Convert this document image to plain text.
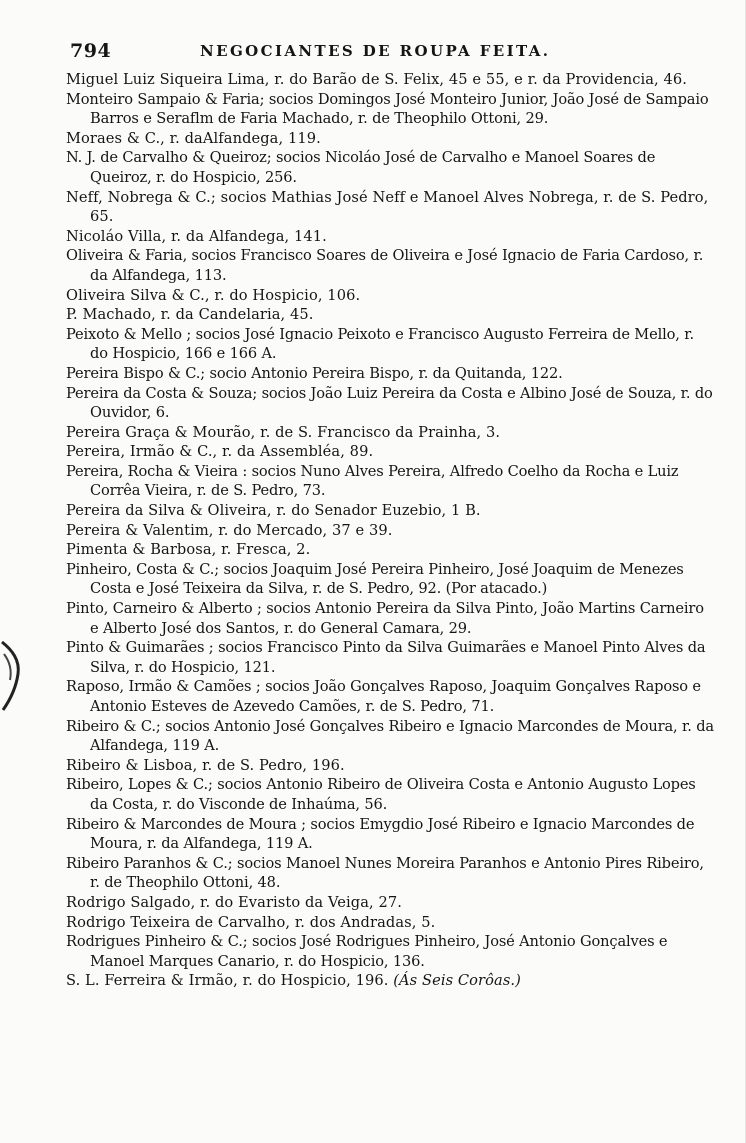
794	NEGOCIANTES DE ROUPA FEITA.

Miguel Luiz Siqueira Lima, r. do Barão de S. Felix, 45 e 55, e r. da Providencia, 46.

Monteiro Sampaio & Faria; socios Domingos José Monteiro Junior, João José de Sampaio Barros e Seraflm de Faria Machado, r. de Theophilo Ottoni, 29.

Moraes & C., r. daAlfandega, 119.

N. J. de Carvalho & Queiroz; socios Nicoláo José de Carvalho e Manoel Soares de Queiroz, r. do Hospicio, 256.

Neff, Nobrega & C.; socios Mathias José Neff e Manoel Alves Nobrega, r. de S. Pedro, 65.

Nicoláo Villa, r. da Alfandega, 141.

Oliveira & Faria, socios Francisco Soares de Oliveira e José Ignacio de Faria Cardoso, r. da Alfandega, 113.

Oliveira Silva & C., r. do Hospicio, 106.

P. Machado, r. da Candelaria, 45.

Peixoto & Mello ; socios José Ignacio Peixoto e Francisco Augusto Ferreira de Mello, r. do Hospicio, 166 e 166 A.

Pereira Bispo & C.; socio Antonio Pereira Bispo, r. da Quitanda, 122.

Pereira da Costa & Souza; socios João Luiz Pereira da Costa e Albino José de Souza, r. do Ouvidor, 6.

Pereira Graça & Mourão, r. de S. Francisco da Prainha, 3.

Pereira, Irmão & C., r. da Assembléa, 89.

Pereira, Rocha & Vieira : socios Nuno Alves Pereira, Alfredo Coelho da Rocha e Luiz Corrêa Vieira, r. de S. Pedro, 73.

Pereira da Silva & Oliveira, r. do Senador Euzebio, 1 B.

Pereira & Valentim, r. do Mercado, 37 e 39.

Pimenta & Barbosa, r. Fresca, 2.

Pinheiro, Costa & C.; socios Joaquim José Pereira Pinheiro, José Joaquim de Menezes Costa e José Teixeira da Silva, r. de S. Pedro, 92. (Por atacado.)

Pinto, Carneiro & Alberto ; socios Antonio Pereira da Silva Pinto, João Martins Carneiro e Alberto José dos Santos, r. do General Camara, 29.

Pinto & Guimarães ; socios Francisco Pinto da Silva Guimarães e Manoel Pinto Alves da Silva, r. do Hospicio, 121.

Raposo, Irmão & Camões ; socios João Gonçalves Raposo, Joaquim Gonçalves Raposo e Antonio Esteves de Azevedo Camões, r. de S. Pedro, 71.

Ribeiro & C.; socios Antonio José Gonçalves Ribeiro e Ignacio Marcondes de Moura, r. da Alfandega, 119 A.

Ribeiro & Lisboa, r. de S. Pedro, 196.

Ribeiro, Lopes & C.; socios Antonio Ribeiro de Oliveira Costa e Antonio Augusto Lopes da Costa, r. do Visconde de Inhaúma, 56.

Ribeiro & Marcondes de Moura ; socios Emygdio José Ribeiro e Ignacio Marcondes de Moura, r. da Alfandega, 119 A.

Ribeiro Paranhos & C.; socios Manoel Nunes Moreira Paranhos e Antonio Pires Ribeiro, r. de Theophilo Ottoni, 48.

Rodrigo Salgado, r. do Evaristo da Veiga, 27.

Rodrigo Teixeira de Carvalho, r. dos Andradas, 5.

Rodrigues Pinheiro & C.; socios José Rodrigues Pinheiro, José Antonio Gonçalves e Manoel Marques Canario, r. do Hospicio, 136.

S. L. Ferreira & Irmão, r. do Hospicio, 196. (Ás Seis Corôas.)
